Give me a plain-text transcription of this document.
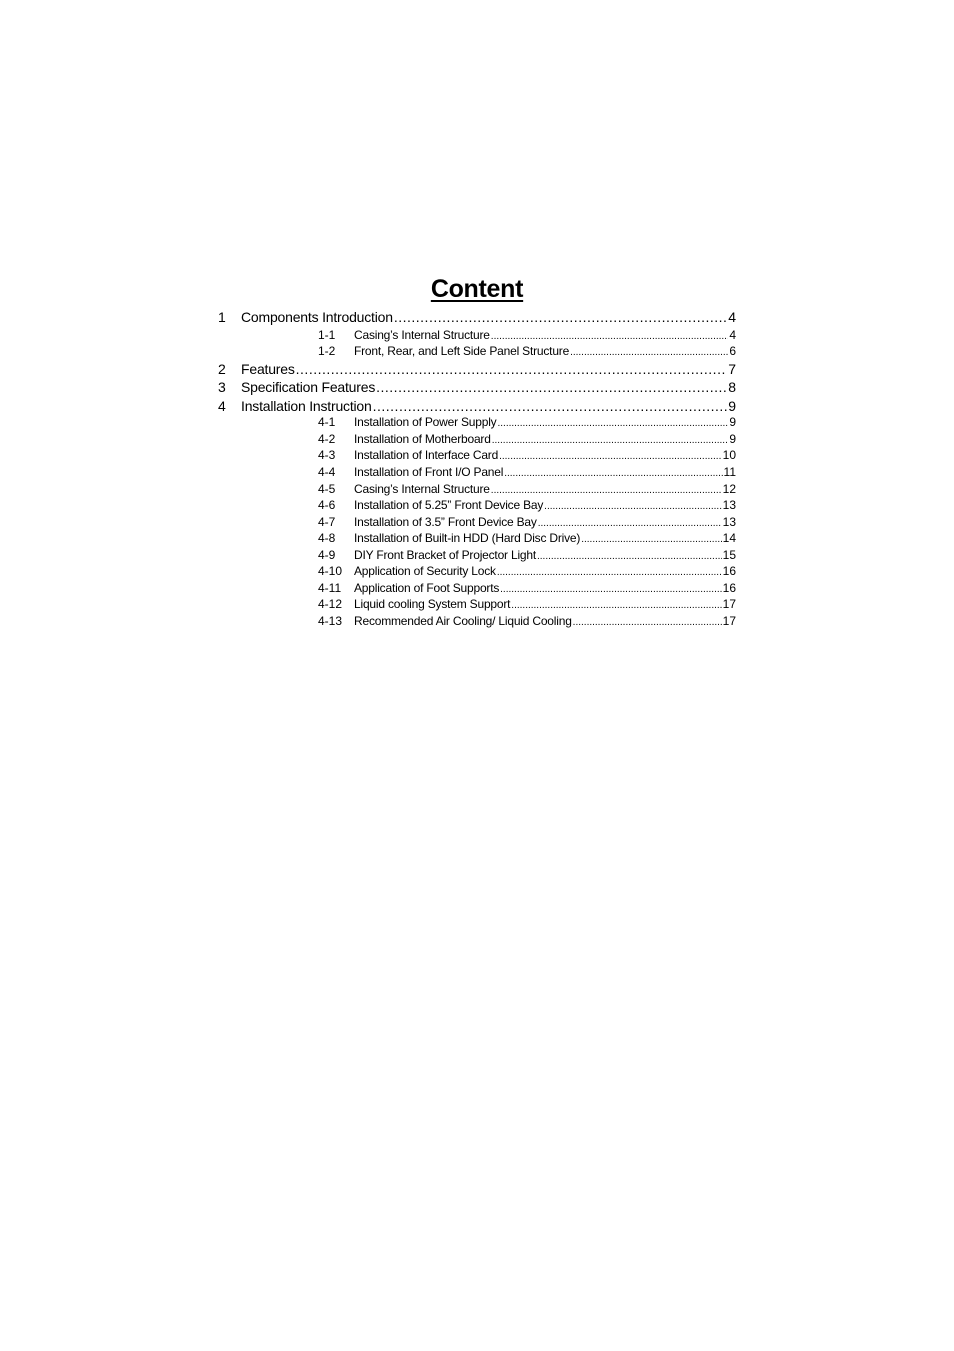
Content
1	Components Introduction .....	4
1-1	Casing’s Internal Structure .....	4
1-2	Front, Rear, and Left Side Panel Structure .....	6
2	Features .....	7
3	Specification Features .....	8
4	Installation Instruction .....	9
4-1	Installation of Power Supply .....	9
4-2	Installation of Motherboard .....	9
4-3	Installation of Interface Card .....	10
4-4	Installation of Front I/O Panel .....	11
4-5	Casing’s Internal Structure .....	12
4-6	Installation of 5.25” Front Device Bay .....	13
4-7	Installation of 3.5” Front Device Bay .....	13
4-8	Installation of Built-in HDD (Hard Disc Drive) .....	14
4-9	DIY Front Bracket of Projector Light .....	15
4-10 Application of Security Lock .....	16
4-11	Application of Foot Supports .....	16
4-12 Liquid cooling System Support .....	17
4-13 Recommended Air Cooling/ Liquid Cooling .....	17
